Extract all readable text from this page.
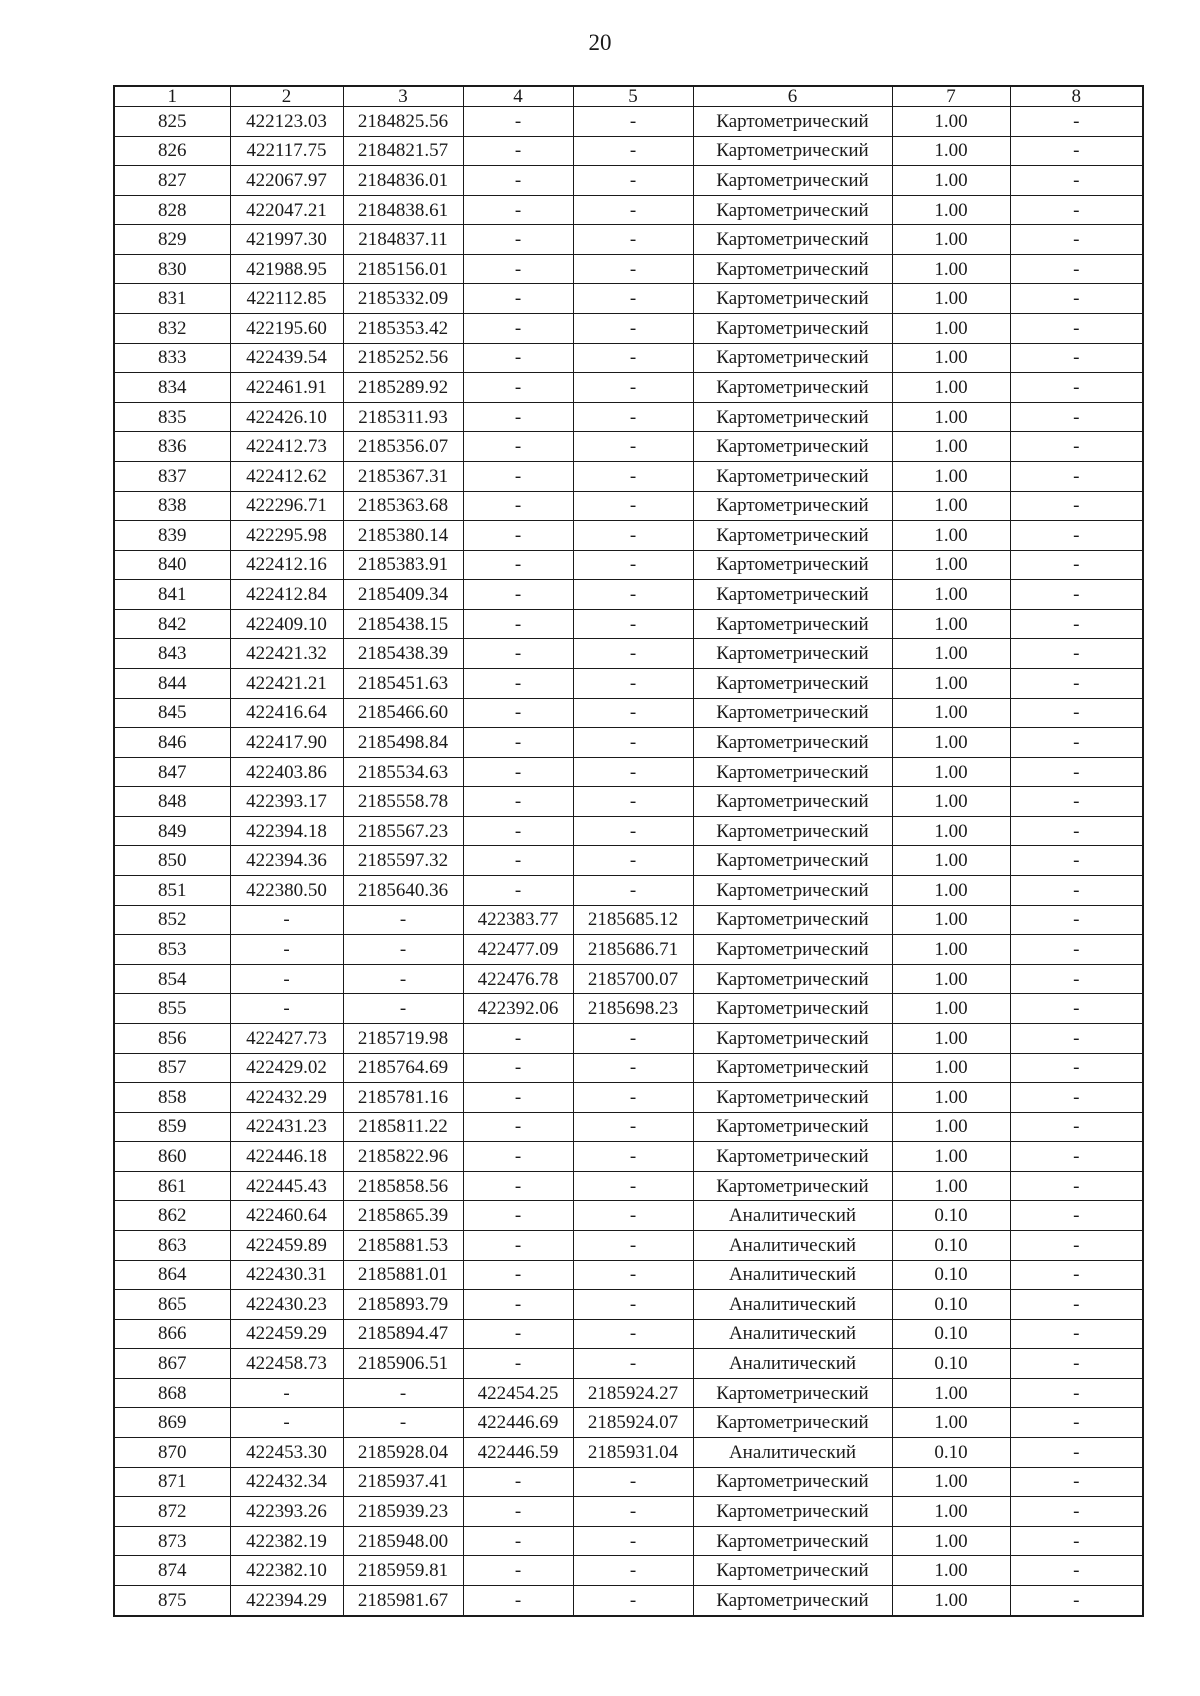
20
1	2	3	4	5	6	7	8
825	422123.03	2184825.56	-	-	Картометрический	1.00	-
826	422117.75	2184821.57	-	-	Картометрический	1.00	-
827	422067.97	2184836.01	-	-	Картометрический	1.00	-
828	422047.21	2184838.61	-	-	Картометрический	1.00	-
829	421997.30	2184837.11	-	-	Картометрический	1.00	-
830	421988.95	2185156.01	-	-	Картометрический	1.00	-
831	422112.85	2185332.09	-	-	Картометрический	1.00	-
832	422195.60	2185353.42	-	-	Картометрический	1.00	-
833	422439.54	2185252.56	-	-	Картометрический	1.00	-
834	422461.91	2185289.92	-	-	Картометрический	1.00	-
835	422426.10	2185311.93	-	-	Картометрический	1.00	-
836	422412.73	2185356.07	-	-	Картометрический	1.00	-
837	422412.62	2185367.31	-	-	Картометрический	1.00	-
838	422296.71	2185363.68	-	-	Картометрический	1.00	-
839	422295.98	2185380.14	-	-	Картометрический	1.00	-
840	422412.16	2185383.91	-	-	Картометрический	1.00	-
841	422412.84	2185409.34	-	-	Картометрический	1.00	-
842	422409.10	2185438.15	-	-	Картометрический	1.00	-
843	422421.32	2185438.39	-	-	Картометрический	1.00	-
844	422421.21	2185451.63	-	-	Картометрический	1.00	-
845	422416.64	2185466.60	-	-	Картометрический	1.00	-
846	422417.90	2185498.84	-	-	Картометрический	1.00	-
847	422403.86	2185534.63	-	-	Картометрический	1.00	-
848	422393.17	2185558.78	-	-	Картометрический	1.00	-
849	422394.18	2185567.23	-	-	Картометрический	1.00	-
850	422394.36	2185597.32	-	-	Картометрический	1.00	-
851	422380.50	2185640.36	-	-	Картометрический	1.00	-
852	-	-	422383.77	2185685.12	Картометрический	1.00	-
853	-	-	422477.09	2185686.71	Картометрический	1.00	-
854	-	-	422476.78	2185700.07	Картометрический	1.00	-
855	-	-	422392.06	2185698.23	Картометрический	1.00	-
856	422427.73	2185719.98	-	-	Картометрический	1.00	-
857	422429.02	2185764.69	-	-	Картометрический	1.00	-
858	422432.29	2185781.16	-	-	Картометрический	1.00	-
859	422431.23	2185811.22	-	-	Картометрический	1.00	-
860	422446.18	2185822.96	-	-	Картометрический	1.00	-
861	422445.43	2185858.56	-	-	Картометрический	1.00	-
862	422460.64	2185865.39	-	-	Аналитический	0.10	-
863	422459.89	2185881.53	-	-	Аналитический	0.10	-
864	422430.31	2185881.01	-	-	Аналитический	0.10	-
865	422430.23	2185893.79	-	-	Аналитический	0.10	-
866	422459.29	2185894.47	-	-	Аналитический	0.10	-
867	422458.73	2185906.51	-	-	Аналитический	0.10	-
868	-	-	422454.25	2185924.27	Картометрический	1.00	-
869	-	-	422446.69	2185924.07	Картометрический	1.00	-
870	422453.30	2185928.04	422446.59	2185931.04	Аналитический	0.10	-
871	422432.34	2185937.41	-	-	Картометрический	1.00	-
872	422393.26	2185939.23	-	-	Картометрический	1.00	-
873	422382.19	2185948.00	-	-	Картометрический	1.00	-
874	422382.10	2185959.81	-	-	Картометрический	1.00	-
875	422394.29	2185981.67	-	-	Картометрический	1.00	-
